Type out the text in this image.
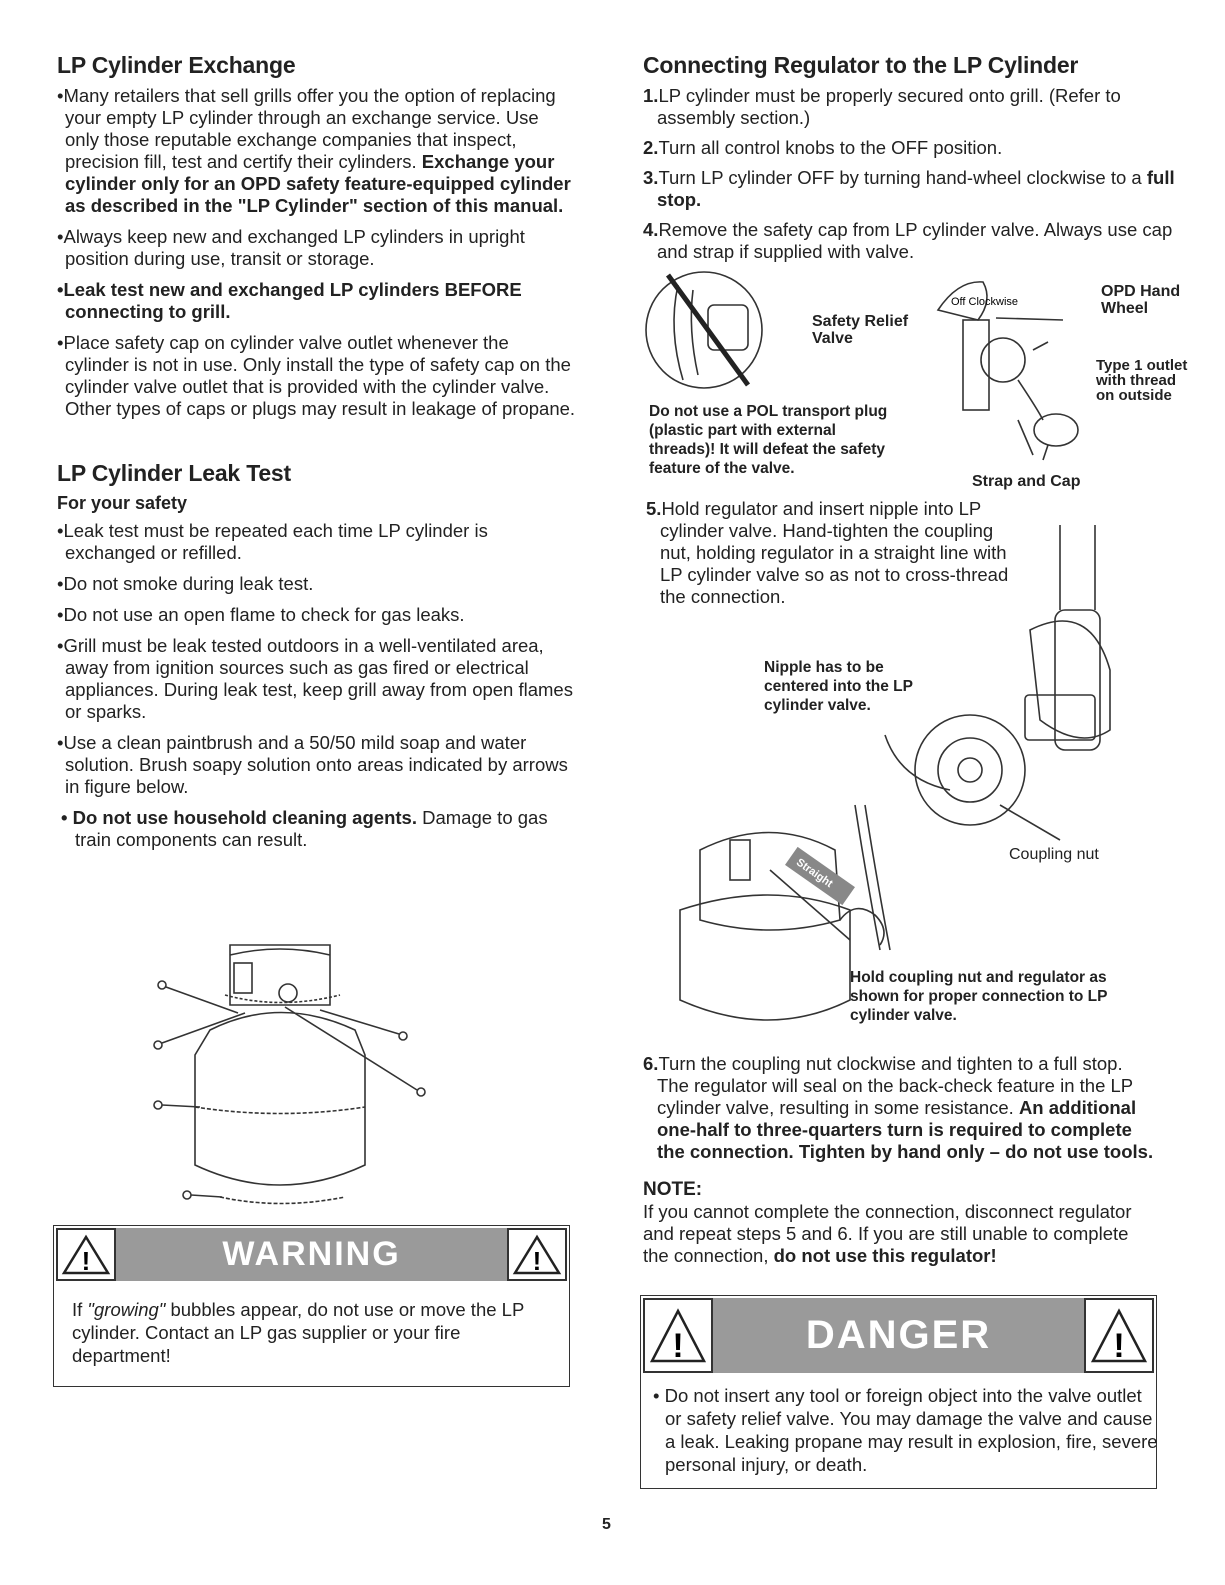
LP Cylinder Exchange

•Many retailers that sell grills offer you the option of replacing your empty LP cylinder through an exchange service. Use only those reputable exchange companies that inspect, precision fill, test and certify their cylinders. Exchange your cylinder only for an OPD safety feature-equipped cylinder as described in the "LP Cylinder" section of this manual.

•Always keep new and exchanged LP cylinders in upright position during use, transit or storage.

•Leak test new and exchanged LP cylinders BEFORE connecting to grill.

•Place safety cap on cylinder valve outlet whenever the cylinder is not in use. Only install the type of safety cap on the cylinder valve outlet that is provided with the cylinder valve. Other types of caps or plugs may result in leakage of propane.

LP Cylinder Leak Test
For your safety

•Leak test must be repeated each time LP cylinder is exchanged or refilled.

•Do not smoke during leak test.

•Do not use an open flame to check for gas leaks.

•Grill must be leak tested outdoors in a well-ventilated area, away from ignition sources such as gas fired or electrical appliances. During leak test, keep grill away from open flames or sparks.

•Use a clean paintbrush and a 50/50 mild soap and water solution. Brush soapy solution onto areas indicated by arrows in figure below.

• Do not use household cleaning agents. Damage to gas train components can result.

!	WARNING	!
If "growing" bubbles appear, do not use or move the LP cylinder. Contact an LP gas supplier or your fire department!
Connecting Regulator to the LP Cylinder

1.LP cylinder must be properly secured onto grill. (Refer to assembly section.)

2.Turn all control knobs to the OFF position.

3.Turn LP cylinder OFF by turning hand-wheel clockwise to a full stop.

4.Remove the safety cap from LP cylinder valve. Always use cap and strap if supplied with valve.

Off Clockwise
Safety Relief Valve
OPD Hand Wheel
Type 1 outlet with thread on outside
Do not use a POL transport plug (plastic part with external threads)! It will defeat the safety feature of the valve.
Strap and Cap

5.Hold regulator and insert nipple into LP cylinder valve. Hand-tighten the coupling nut, holding regulator in a straight line with LP cylinder valve so as not to cross-thread the connection.

Straight
Nipple has to be centered into the LP cylinder valve.
Coupling nut
Hold coupling nut and regulator as shown for proper connection to LP cylinder valve.

6.Turn the coupling nut clockwise and tighten to a full stop. The regulator will seal on the back-check feature in the LP cylinder valve, resulting in some resistance. An additional one-half to three-quarters turn is required to complete the connection. Tighten by hand only – do not use tools.

NOTE:

If you cannot complete the connection, disconnect regulator and repeat steps 5 and 6. If you are still unable to complete the connection, do not use this regulator!

!	DANGER	!
• Do not insert any tool or foreign object into the valve outlet or safety relief valve. You may damage the valve and cause a leak. Leaking propane may result in explosion, fire, severe personal injury, or death.
5
